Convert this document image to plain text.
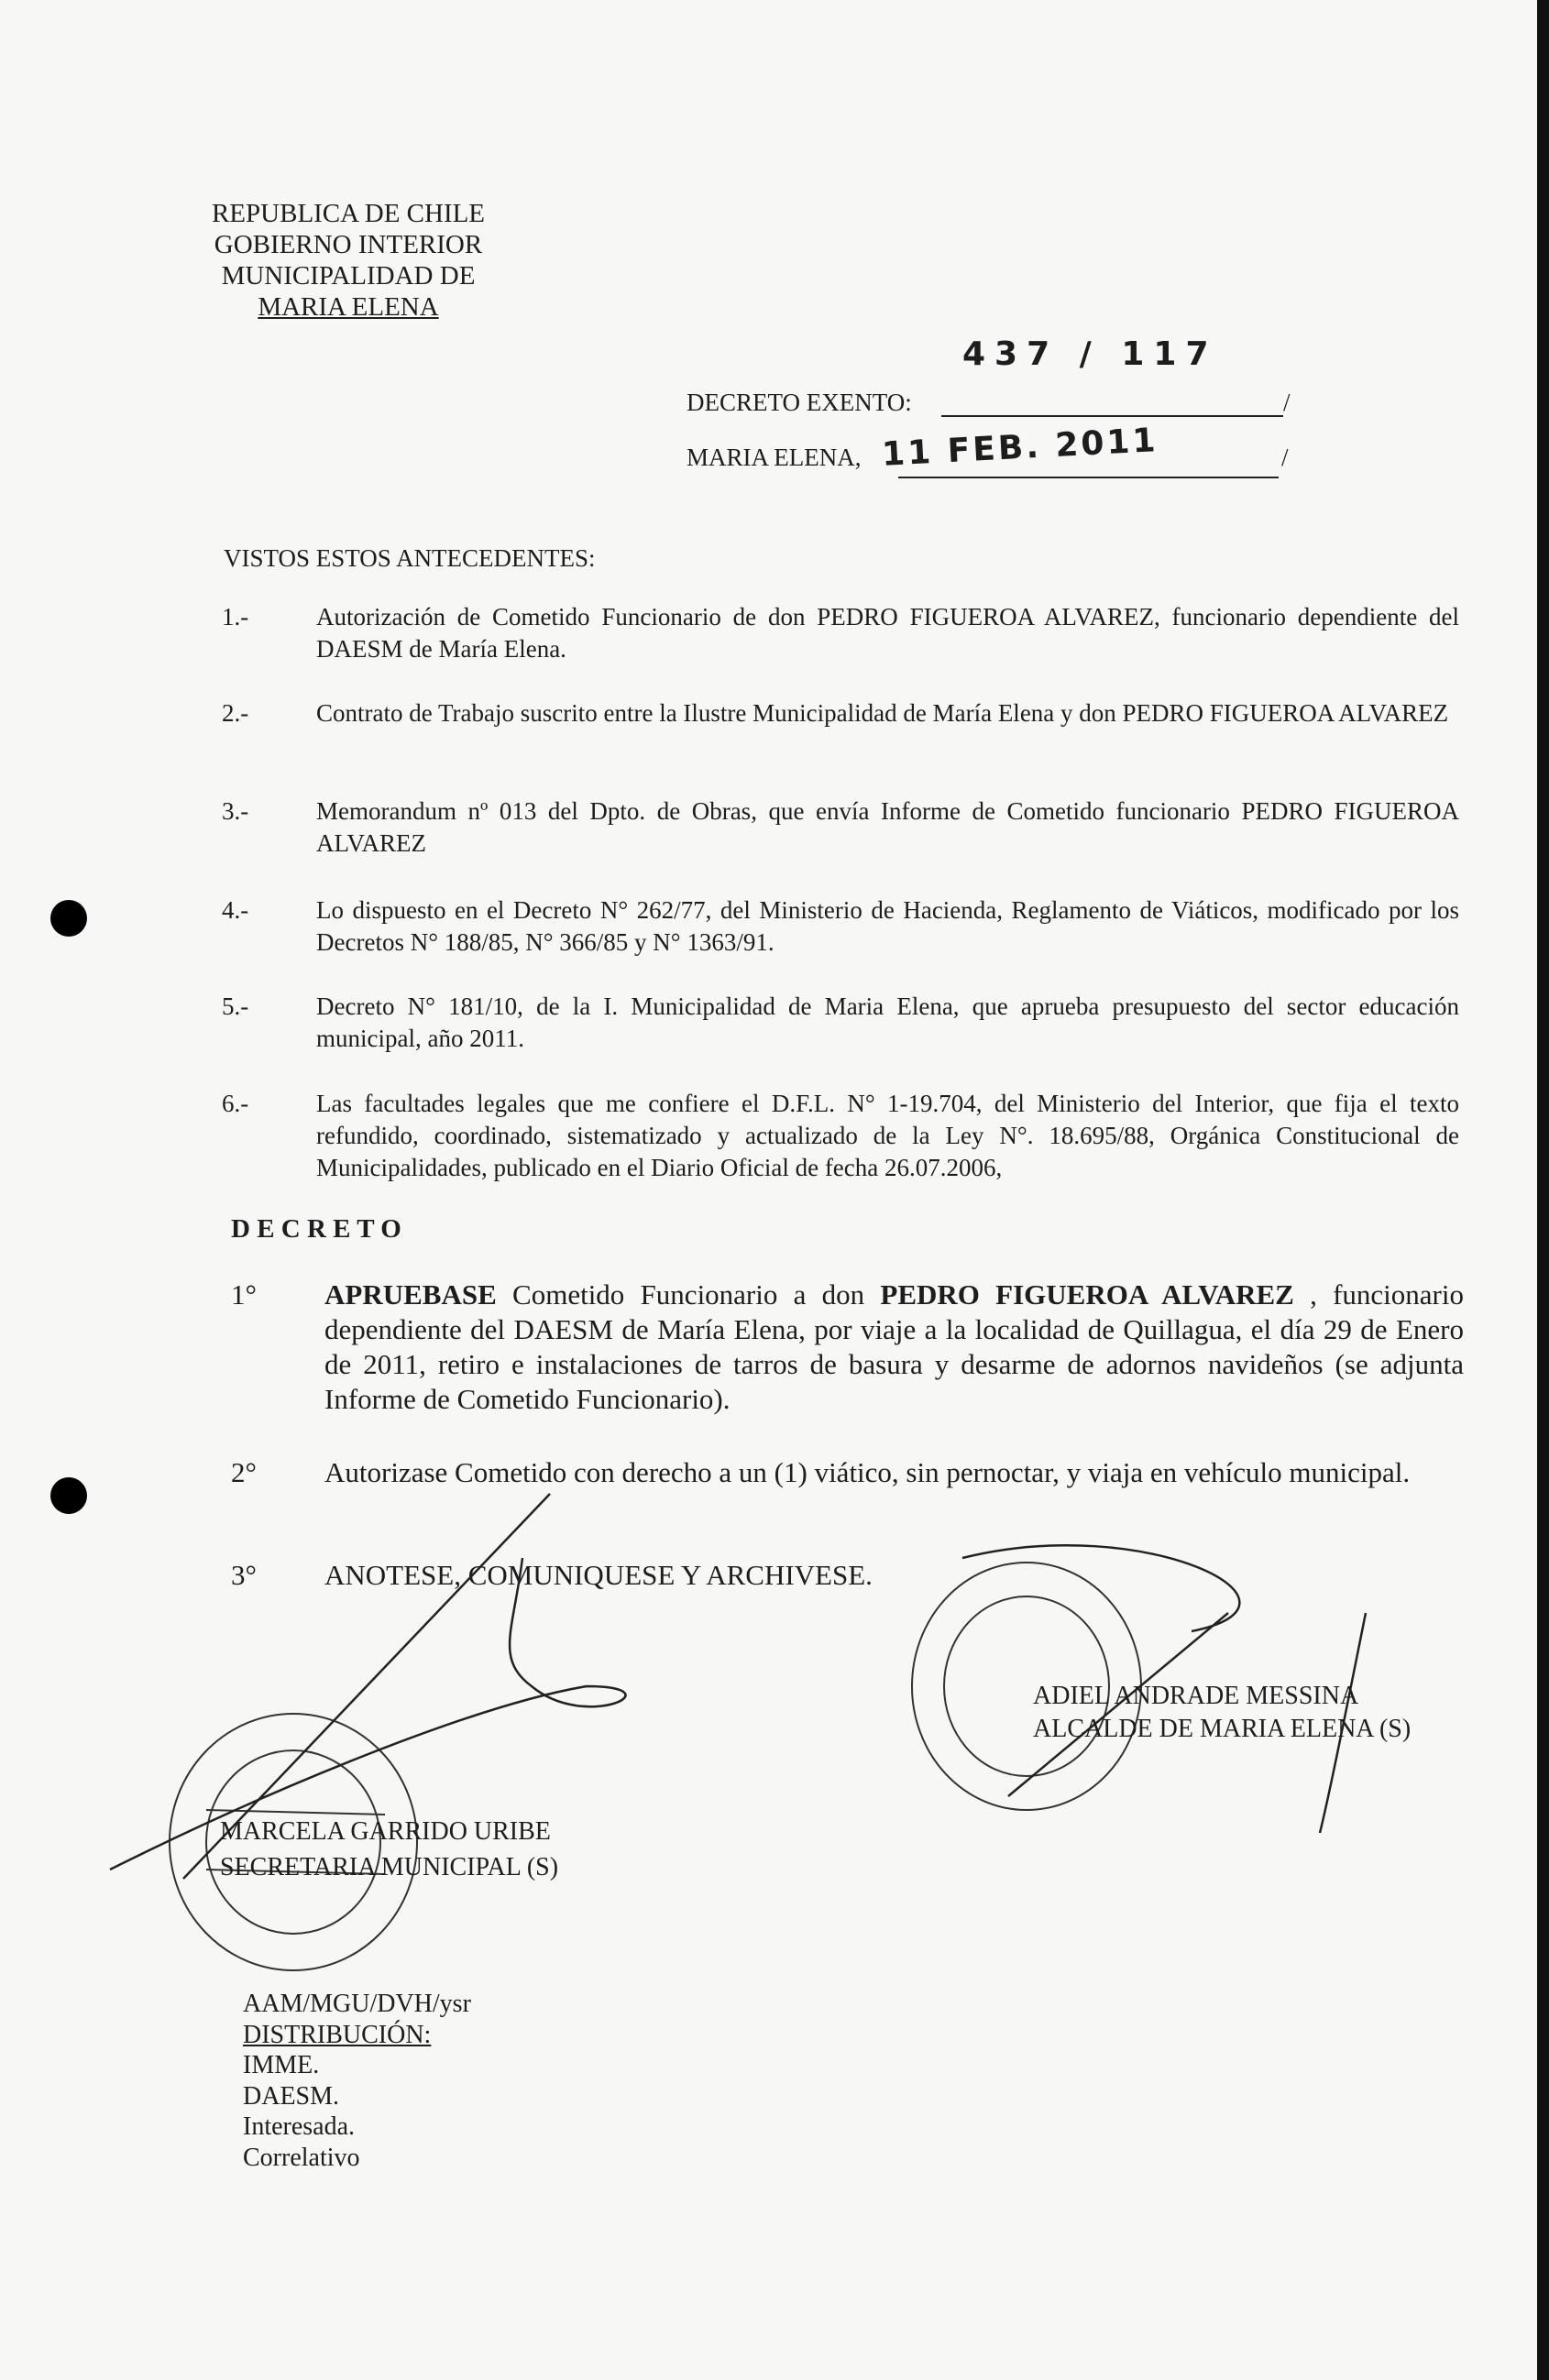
REPUBLICA DE CHILE
GOBIERNO INTERIOR
MUNICIPALIDAD DE
MARIA ELENA
437 / 117
DECRETO EXENTO:	/
MARIA ELENA, 11 FEB. 2011	/
VISTOS ESTOS ANTECEDENTES:
1.-	Autorización de Cometido Funcionario de don PEDRO FIGUEROA ALVAREZ, funcionario dependiente del DAESM de María Elena.
2.-	Contrato de Trabajo suscrito entre la Ilustre Municipalidad de María Elena y don PEDRO FIGUEROA ALVAREZ
3.-	Memorandum nº 013 del Dpto. de Obras, que envía Informe de Cometido funcionario PEDRO FIGUEROA ALVAREZ
4.-	Lo dispuesto en el Decreto N° 262/77, del Ministerio de Hacienda, Reglamento de Viáticos, modificado por los Decretos N° 188/85, N° 366/85 y N° 1363/91.
5.-	Decreto N° 181/10, de la I. Municipalidad de Maria Elena, que aprueba presupuesto del sector educación municipal, año 2011.
6.-	Las facultades legales que me confiere el D.F.L. N° 1-19.704, del Ministerio del Interior, que fija el texto refundido, coordinado, sistematizado y actualizado de la Ley N°. 18.695/88, Orgánica Constitucional de Municipalidades, publicado en el Diario Oficial de fecha 26.07.2006,
D E C R E T O
1° APRUEBASE Cometido Funcionario a don PEDRO FIGUEROA ALVAREZ , funcionario dependiente del DAESM de María Elena, por viaje a la localidad de Quillagua, el día 29 de Enero de 2011, retiro e instalaciones de tarros de basura y desarme de adornos navideños (se adjunta Informe de Cometido Funcionario).
2° Autorizase Cometido con derecho a un (1) viático, sin pernoctar, y viaja en vehículo municipal.
3° ANOTESE, COMUNIQUESE Y ARCHIVESE.
ADIEL ANDRADE MESSINA
ALCALDE DE MARIA ELENA (S)
MARCELA GARRIDO URIBE
SECRETARIA MUNICIPAL (S)
AAM/MGU/DVH/ysr
DISTRIBUCIÓN:
IMME.
DAESM.
Interesada.
Correlativo
